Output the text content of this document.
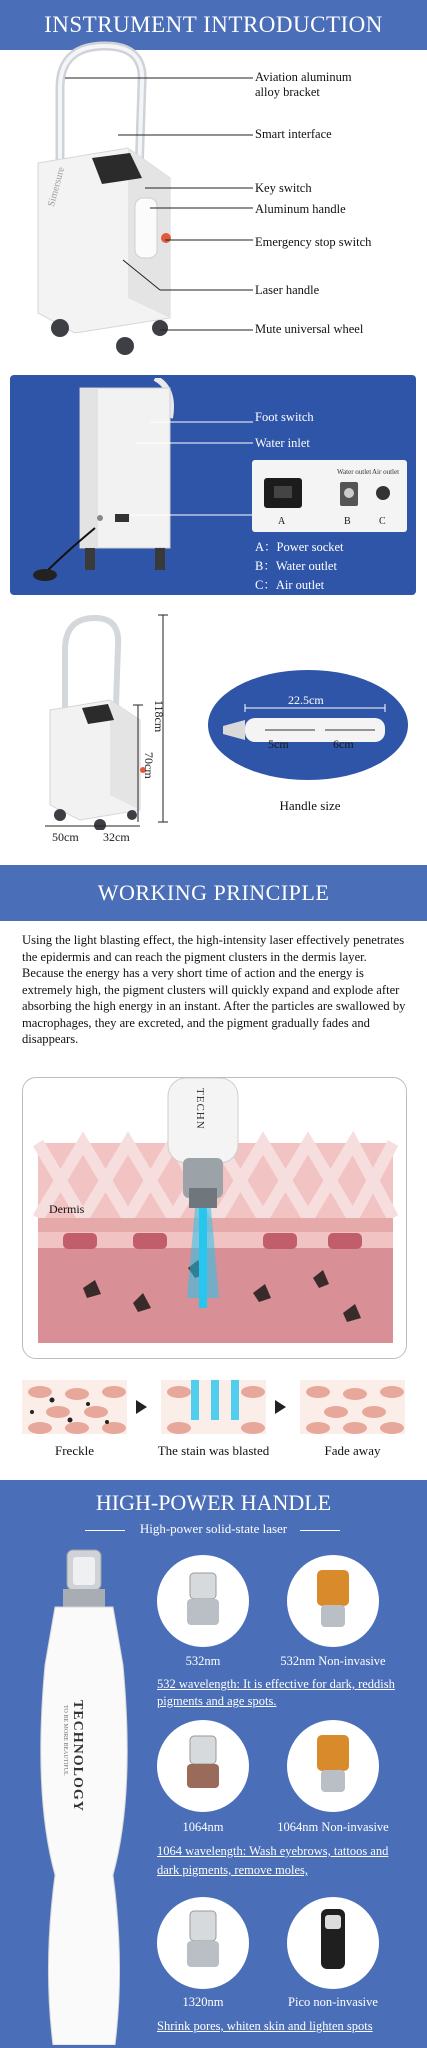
INSTRUMENT INTRODUCTION
Simersure
Aviation aluminum
alloy bracket
Smart interface
Key switch
Aluminum handle
Emergency stop switch
Laser handle
Mute universal wheel
Foot switch
Water inlet
Water outlet Air outlet
A	B	C
A：Power socket
B：Water outlet
C：Air outlet
118cm
70cm
50cm 32cm
22.5cm
5cm	6cm
Handle size
WORKING PRINCIPLE
Using the light blasting effect, the high-intensity laser effectively penetrates the epidermis and can reach the pigment clusters in the dermis layer. Because the energy has a very short time of action and the energy is extremely high, the pigment clusters will quickly expand and explode after absorbing the high energy in an instant. After the particles are swallowed by macrophages, they are excreted, and the pigment gradually fades and disappears.
Dermis
TECHN
Freckle	The stain was blasted	Fade away
HIGH-POWER HANDLE
High-power solid-state laser
TECHNOLOGY
TO BE MORE BEAUTIFUL
532nm	532nm Non-invasive
532 wavelength: It is effective for dark, reddish pigments and age spots.
1064nm	1064nm Non-invasive
1064 wavelength: Wash eyebrows, tattoos and dark pigments, remove moles,
1320nm	Pico non-invasive
Shrink pores, whiten skin and lighten spots
